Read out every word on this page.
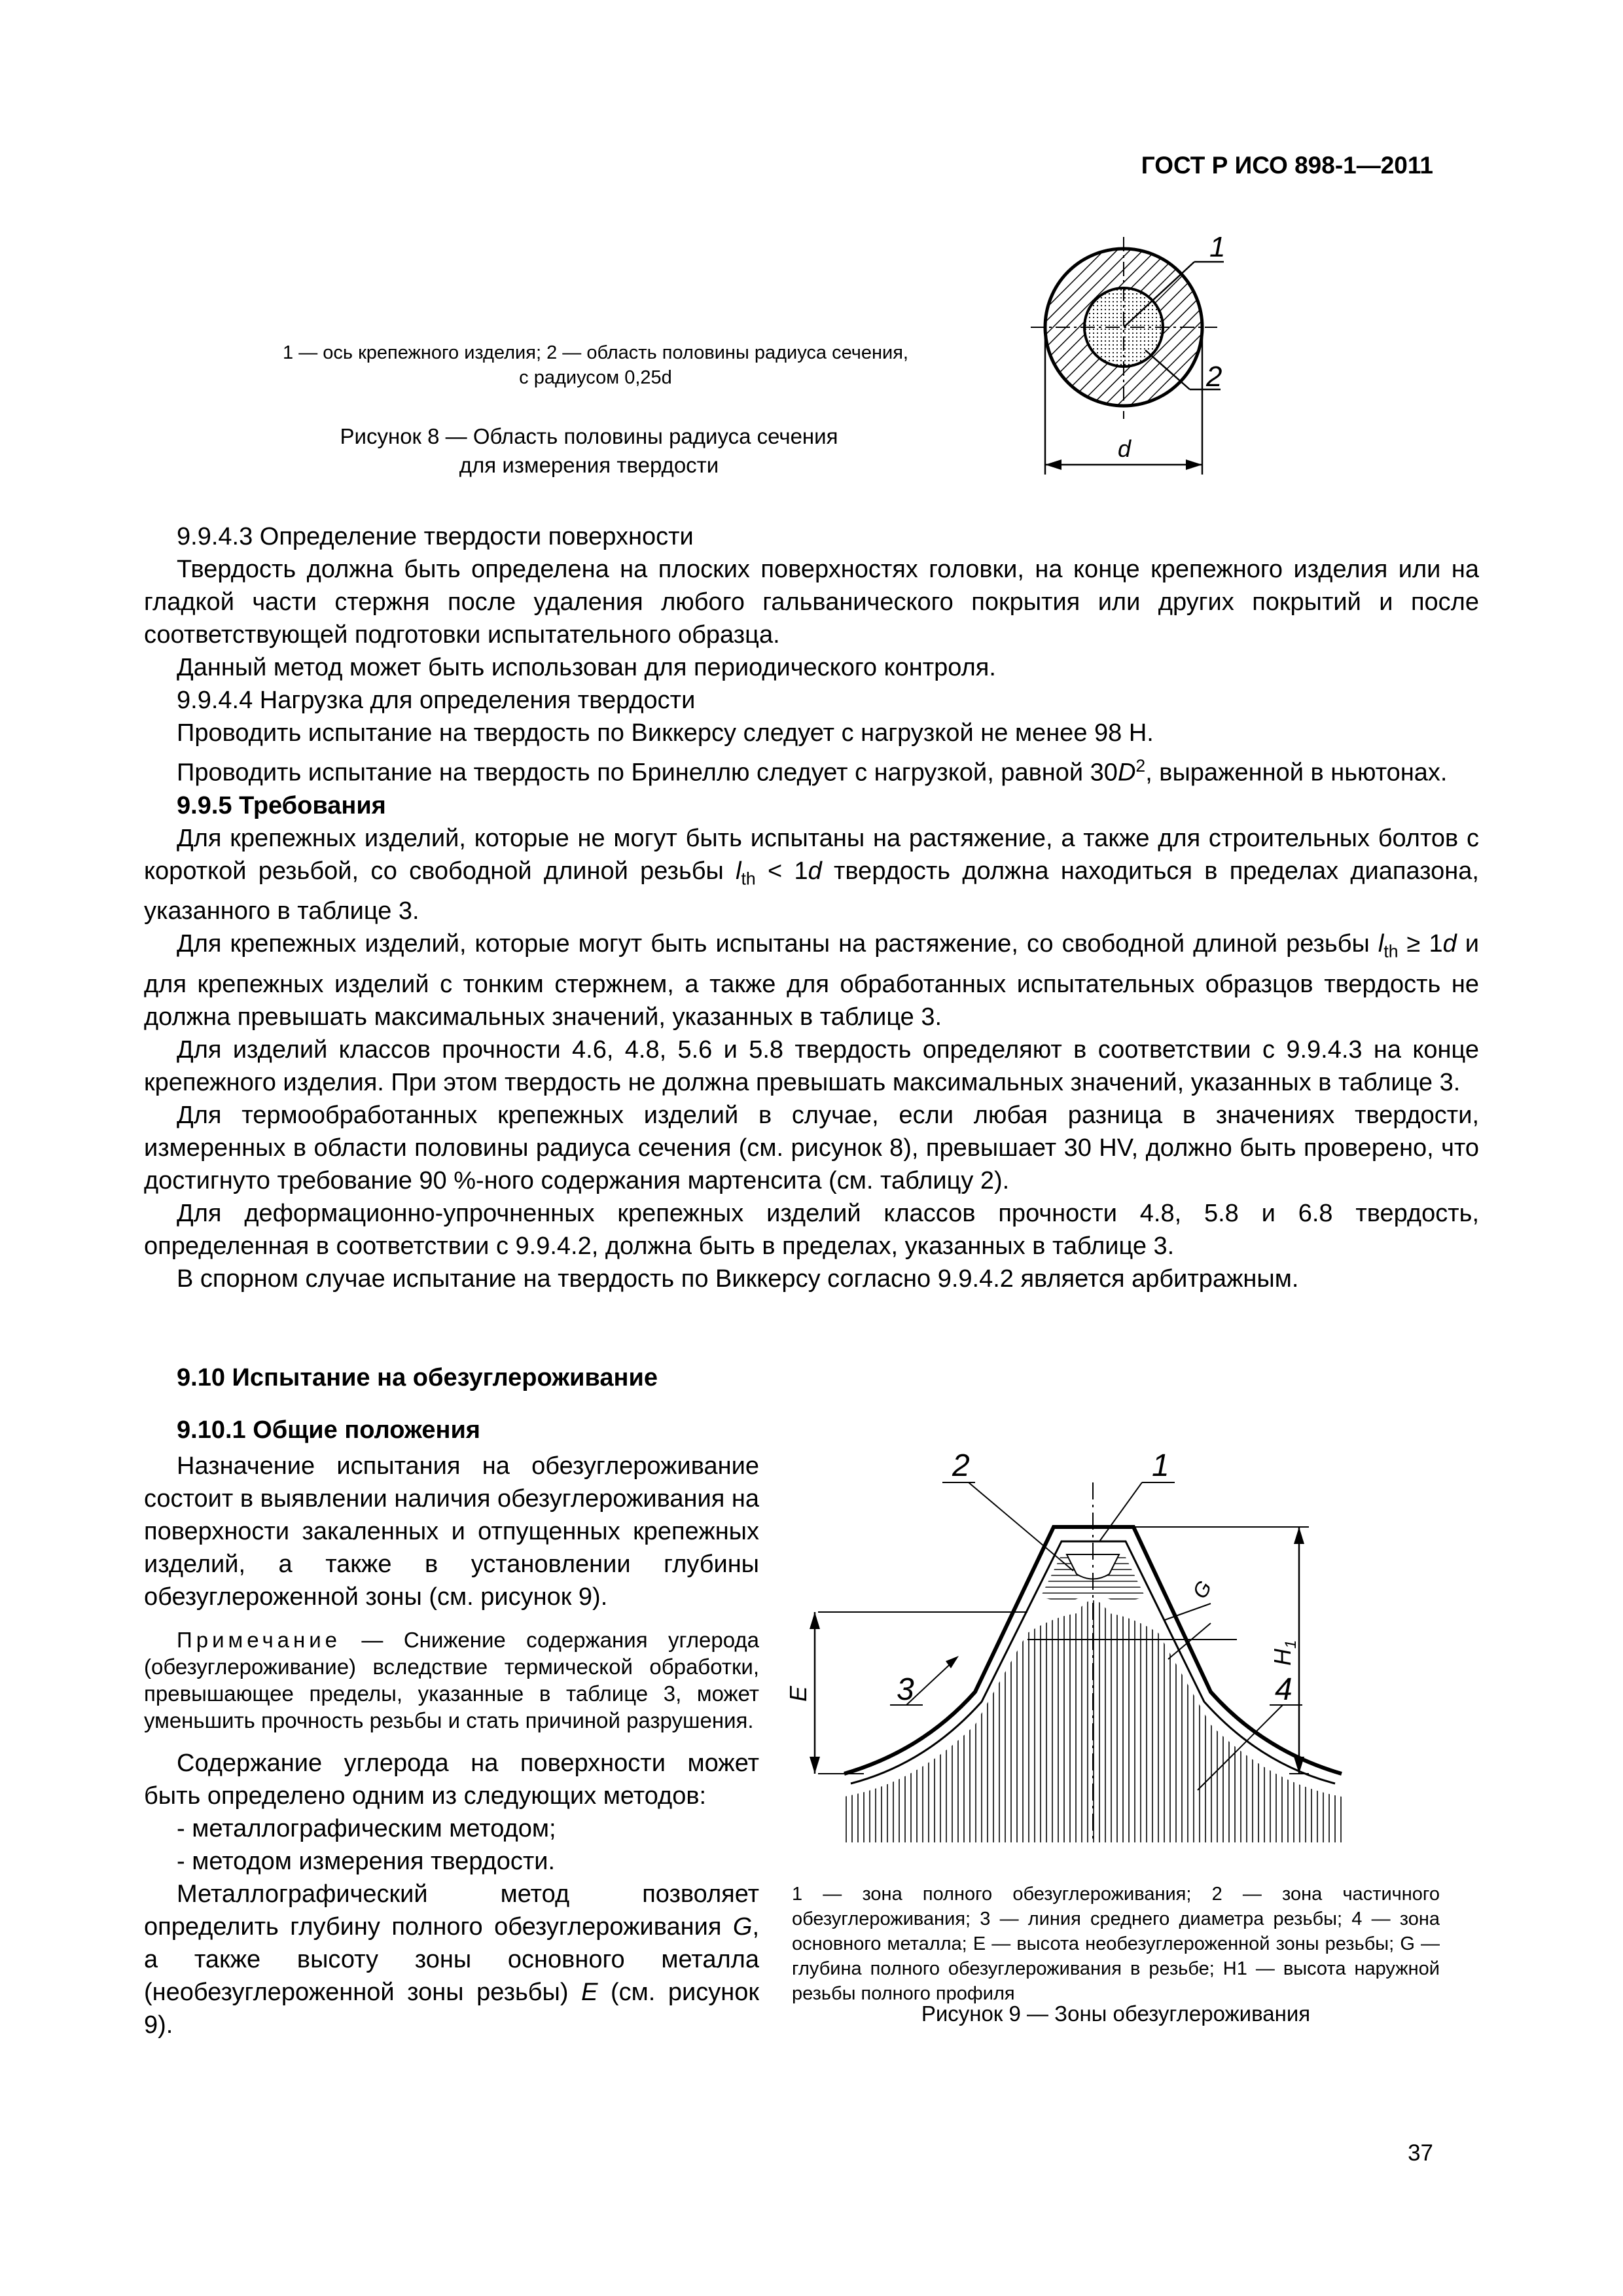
ГОСТ Р ИСО 898-1—2011
1 — ось крепежного изделия; 2 — область половины радиуса сечения,
с радиусом 0,25d
Рисунок 8 — Область половины радиуса сечения
для измерения твердости
1
2
d

9.9.4.3 Определение твердости поверхности

Твердость должна быть определена на плоских поверхностях головки, на конце крепежного изделия или на гладкой части стержня после удаления любого гальванического покрытия или других покрытий и после соответствующей подготовки испытательного образца.

Данный метод может быть использован для периодического контроля.

9.9.4.4 Нагрузка для определения твердости

Проводить испытание на твердость по Виккерсу следует с нагрузкой не менее 98 Н.

Проводить испытание на твердость по Бринеллю следует с нагрузкой, равной $30D^2$, выраженной в ньютонах.

9.9.5 Требования

Для крепежных изделий, которые не могут быть испытаны на растяжение, а также для строительных болтов с короткой резьбой, со свободной длиной резьбы $l_{th} < 1d$ твердость должна находиться в пределах диапазона, указанного в таблице 3.

Для крепежных изделий, которые могут быть испытаны на растяжение, со свободной длиной резьбы $l_{th} \ge 1d$ и для крепежных изделий с тонким стержнем, а также для обработанных испытательных образцов твердость не должна превышать максимальных значений, указанных в таблице 3.

Для изделий классов прочности 4.6, 4.8, 5.6 и 5.8 твердость определяют в соответствии с 9.9.4.3 на конце крепежного изделия. При этом твердость не должна превышать максимальных значений, указанных в таблице 3.

Для термообработанных крепежных изделий в случае, если любая разница в значениях твердости, измеренных в области половины радиуса сечения (см. рисунок 8), превышает 30 HV, должно быть проверено, что достигнуто требование 90 %-ного содержания мартенсита (см. таблицу 2).

Для деформационно-упрочненных крепежных изделий классов прочности 4.8, 5.8 и 6.8 твердость, определенная в соответствии с 9.9.4.2, должна быть в пределах, указанных в таблице 3.

В спорном случае испытание на твердость по Виккерсу согласно 9.9.4.2 является арбитражным.

9.10 Испытание на обезуглероживание
9.10.1 Общие положения

Назначение испытания на обезуглероживание состоит в выявлении наличия обезуглероживания на поверхности закаленных и отпущенных крепежных изделий, а также в установлении глубины обезуглероженной зоны (см. рисунок 9).

Примечание — Снижение содержания углерода (обезуглероживание) вследствие термической обработки, превышающее пределы, указанные в таблице 3, может уменьшить прочность резьбы и стать причиной разрушения.

Содержание углерода на поверхности может быть определено одним из следующих методов:

- металлографическим методом;

- методом измерения твердости.

Металлографический метод позволяет определить глубину полного обезуглероживания G, а также высоту зоны основного металла (необезуглероженной зоны резьбы) E (см. рисунок 9).

E
G
$H_1$
2	1
3	4
1 — зона полного обезуглероживания; 2 — зона частичного обезуглероживания; 3 — линия среднего диаметра резьбы; 4 — зона основного металла; E — высота необезуглероженной зоны резьбы; G — глубина полного обезуглероживания в резьбе; H1 — высота наружной резьбы полного профиля
Рисунок 9 — Зоны обезуглероживания
37
